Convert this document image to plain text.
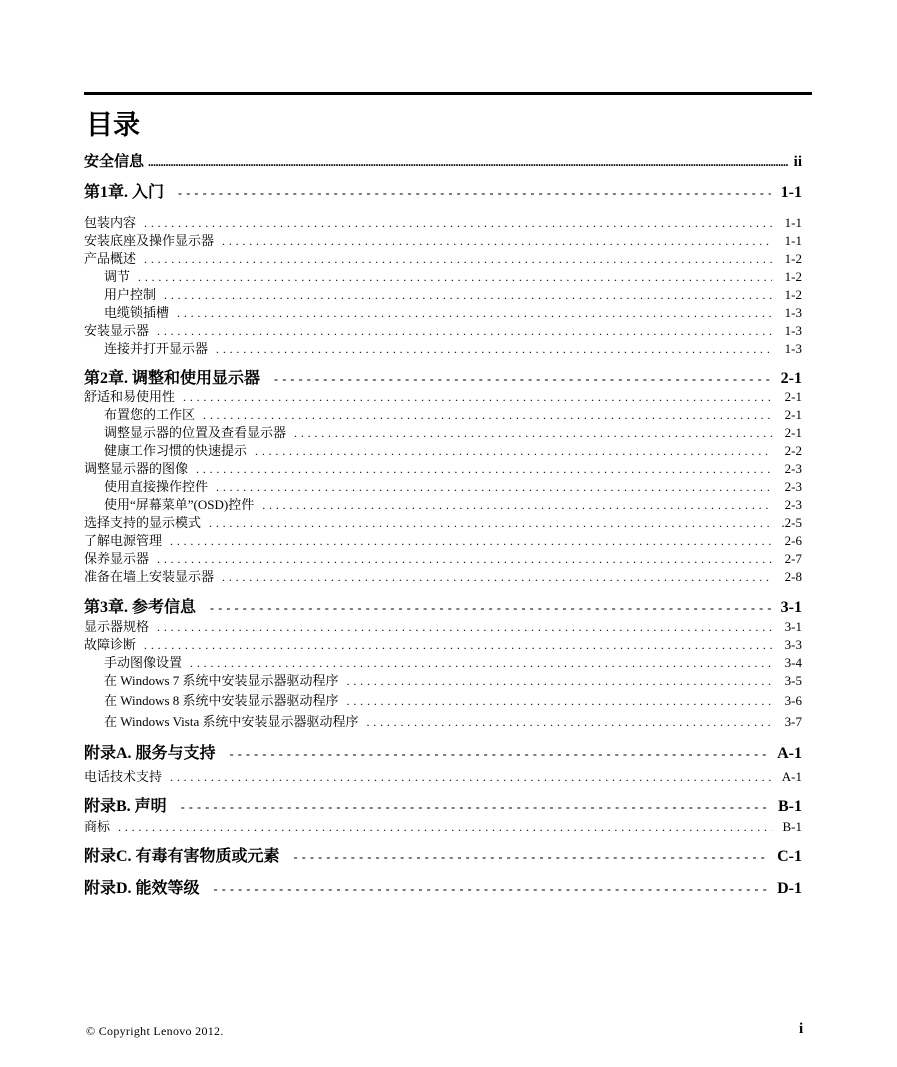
目录
安全信息 .....	ii
第1章. 入门 - - -	1-1
包装内容 . . .	1-1
安装底座及操作显示器 . . .	1-1
产品概述 . . .	1-2
调节 . . .	1-2
用户控制 . . .	1-2
电缆锁插槽 . . .	1-3
安装显示器 . . .	1-3
连接并打开显示器 . . .	1-3
第2章. 调整和使用显示器 - - -	2-1
舒适和易使用性 . . .	2-1
布置您的工作区 . . .	2-1
调整显示器的位置及查看显示器 . . .	2-1
健康工作习惯的快速提示 . . .	2-2
调整显示器的图像 . . .	2-3
使用直接操作控件 . . .	2-3
使用“屏幕菜单”(OSD)控件 . . .	2-3
选择支持的显示模式 . . .	.2-5
了解电源管理 . . .	2-6
保养显示器 . . .	2-7
准备在墙上安装显示器 . . .	2-8
第3章. 参考信息 - - -	3-1
显示器规格 . . .	3-1
故障诊断 . . .	3-3
手动图像设置 . . .	3-4
在 Windows 7 系统中安装显示器驱动程序 . . .	3-5
在 Windows 8 系统中安装显示器驱动程序 . . .	3-6
在 Windows Vista 系统中安装显示器驱动程序 . . .	3-7
附录A. 服务与支持 - - -	A-1
电话技术支持 . . .	A-1
附录B. 声明 - - -	B-1
商标 . . .	B-1
附录C. 有毒有害物质或元素 - - -	C-1
附录D. 能效等级 - - -	D-1
© Copyright Lenovo 2012.	i
